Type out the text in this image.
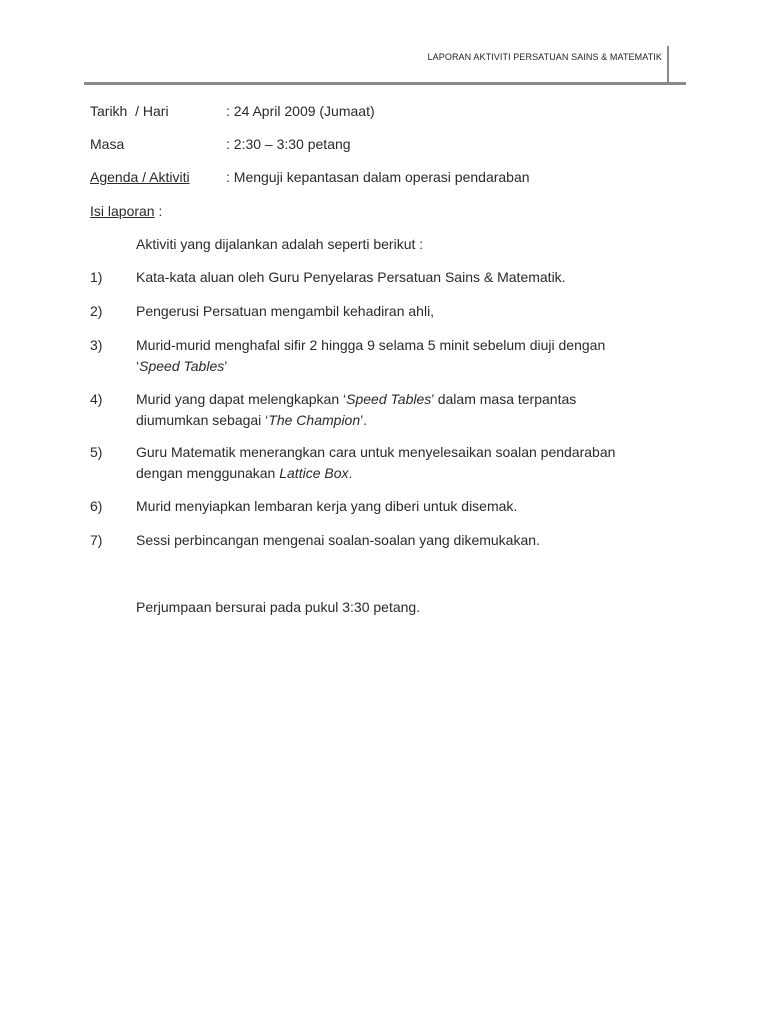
LAPORAN AKTIVITI PERSATUAN SAINS & MATEMATIK
Tarikh  / Hari	: 24 April 2009 (Jumaat)
Masa	: 2:30 – 3:30 petang
Agenda / Aktiviti	: Menguji kepantasan dalam operasi pendaraban
Isi laporan :
Aktiviti yang dijalankan adalah seperti berikut :
1) Kata-kata aluan oleh Guru Penyelaras Persatuan Sains & Matematik.
2) Pengerusi Persatuan mengambil kehadiran ahli,
3) Murid-murid menghafal sifir 2 hingga 9 selama 5 minit sebelum diuji dengan
‘Speed Tables’
4) Murid yang dapat melengkapkan ‘Speed Tables’ dalam masa terpantas
diumumkan sebagai ‘The Champion’.
5) Guru Matematik menerangkan cara untuk menyelesaikan soalan pendaraban
dengan menggunakan Lattice Box.
6) Murid menyiapkan lembaran kerja yang diberi untuk disemak.
7) Sessi perbincangan mengenai soalan-soalan yang dikemukakan.
Perjumpaan bersurai pada pukul 3:30 petang.
